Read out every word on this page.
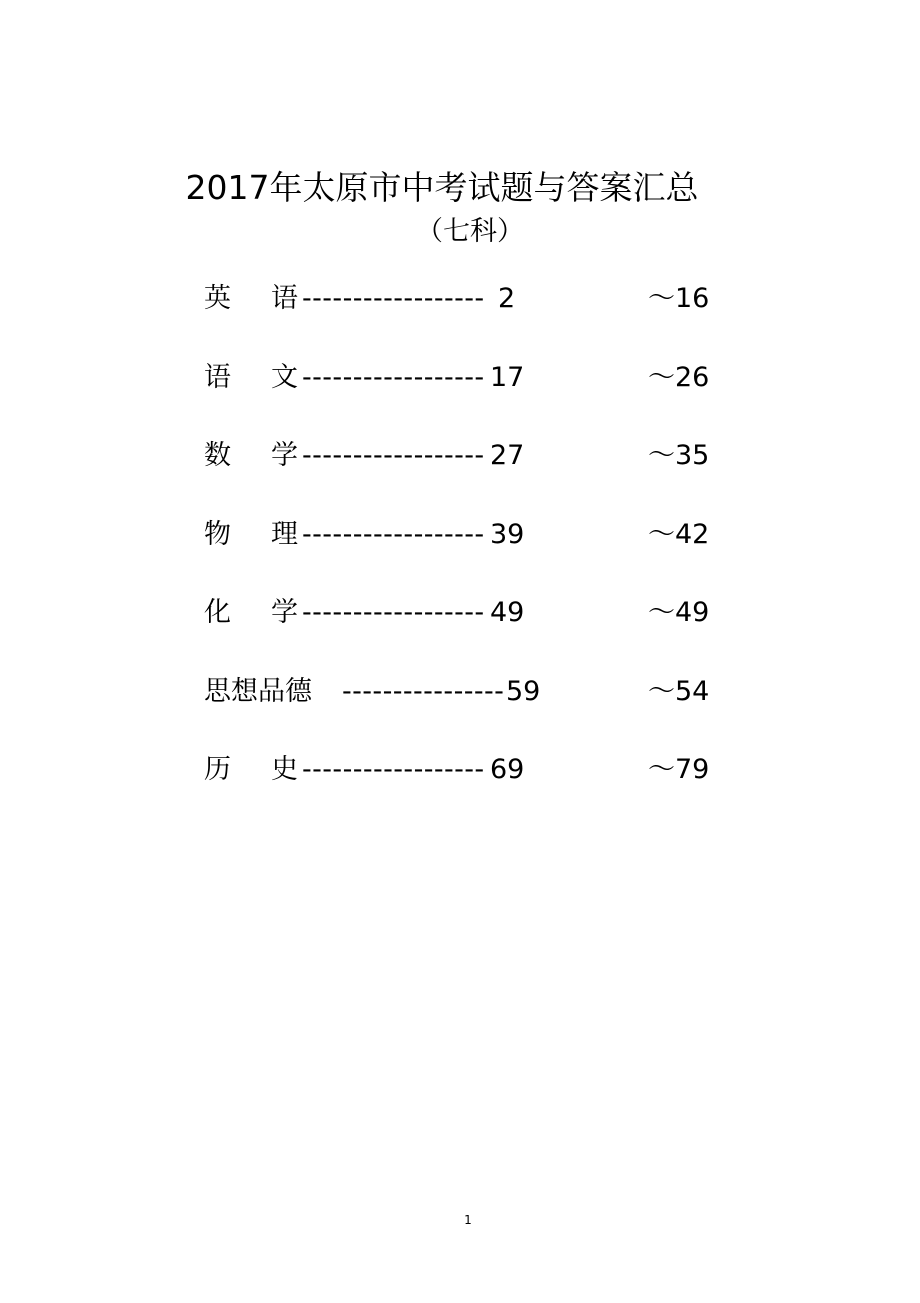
2017年太原市中考试题与答案汇总
（七科）
英 语 ------------------ 2	～16
语 文 ------------------ 17	～26
数 学 ------------------ 27	～35
物 理 ------------------ 39	～42
化 学 ------------------ 49	～49
思想品德 ---------------- 59	～54
历 史 ------------------ 69	～79
1
